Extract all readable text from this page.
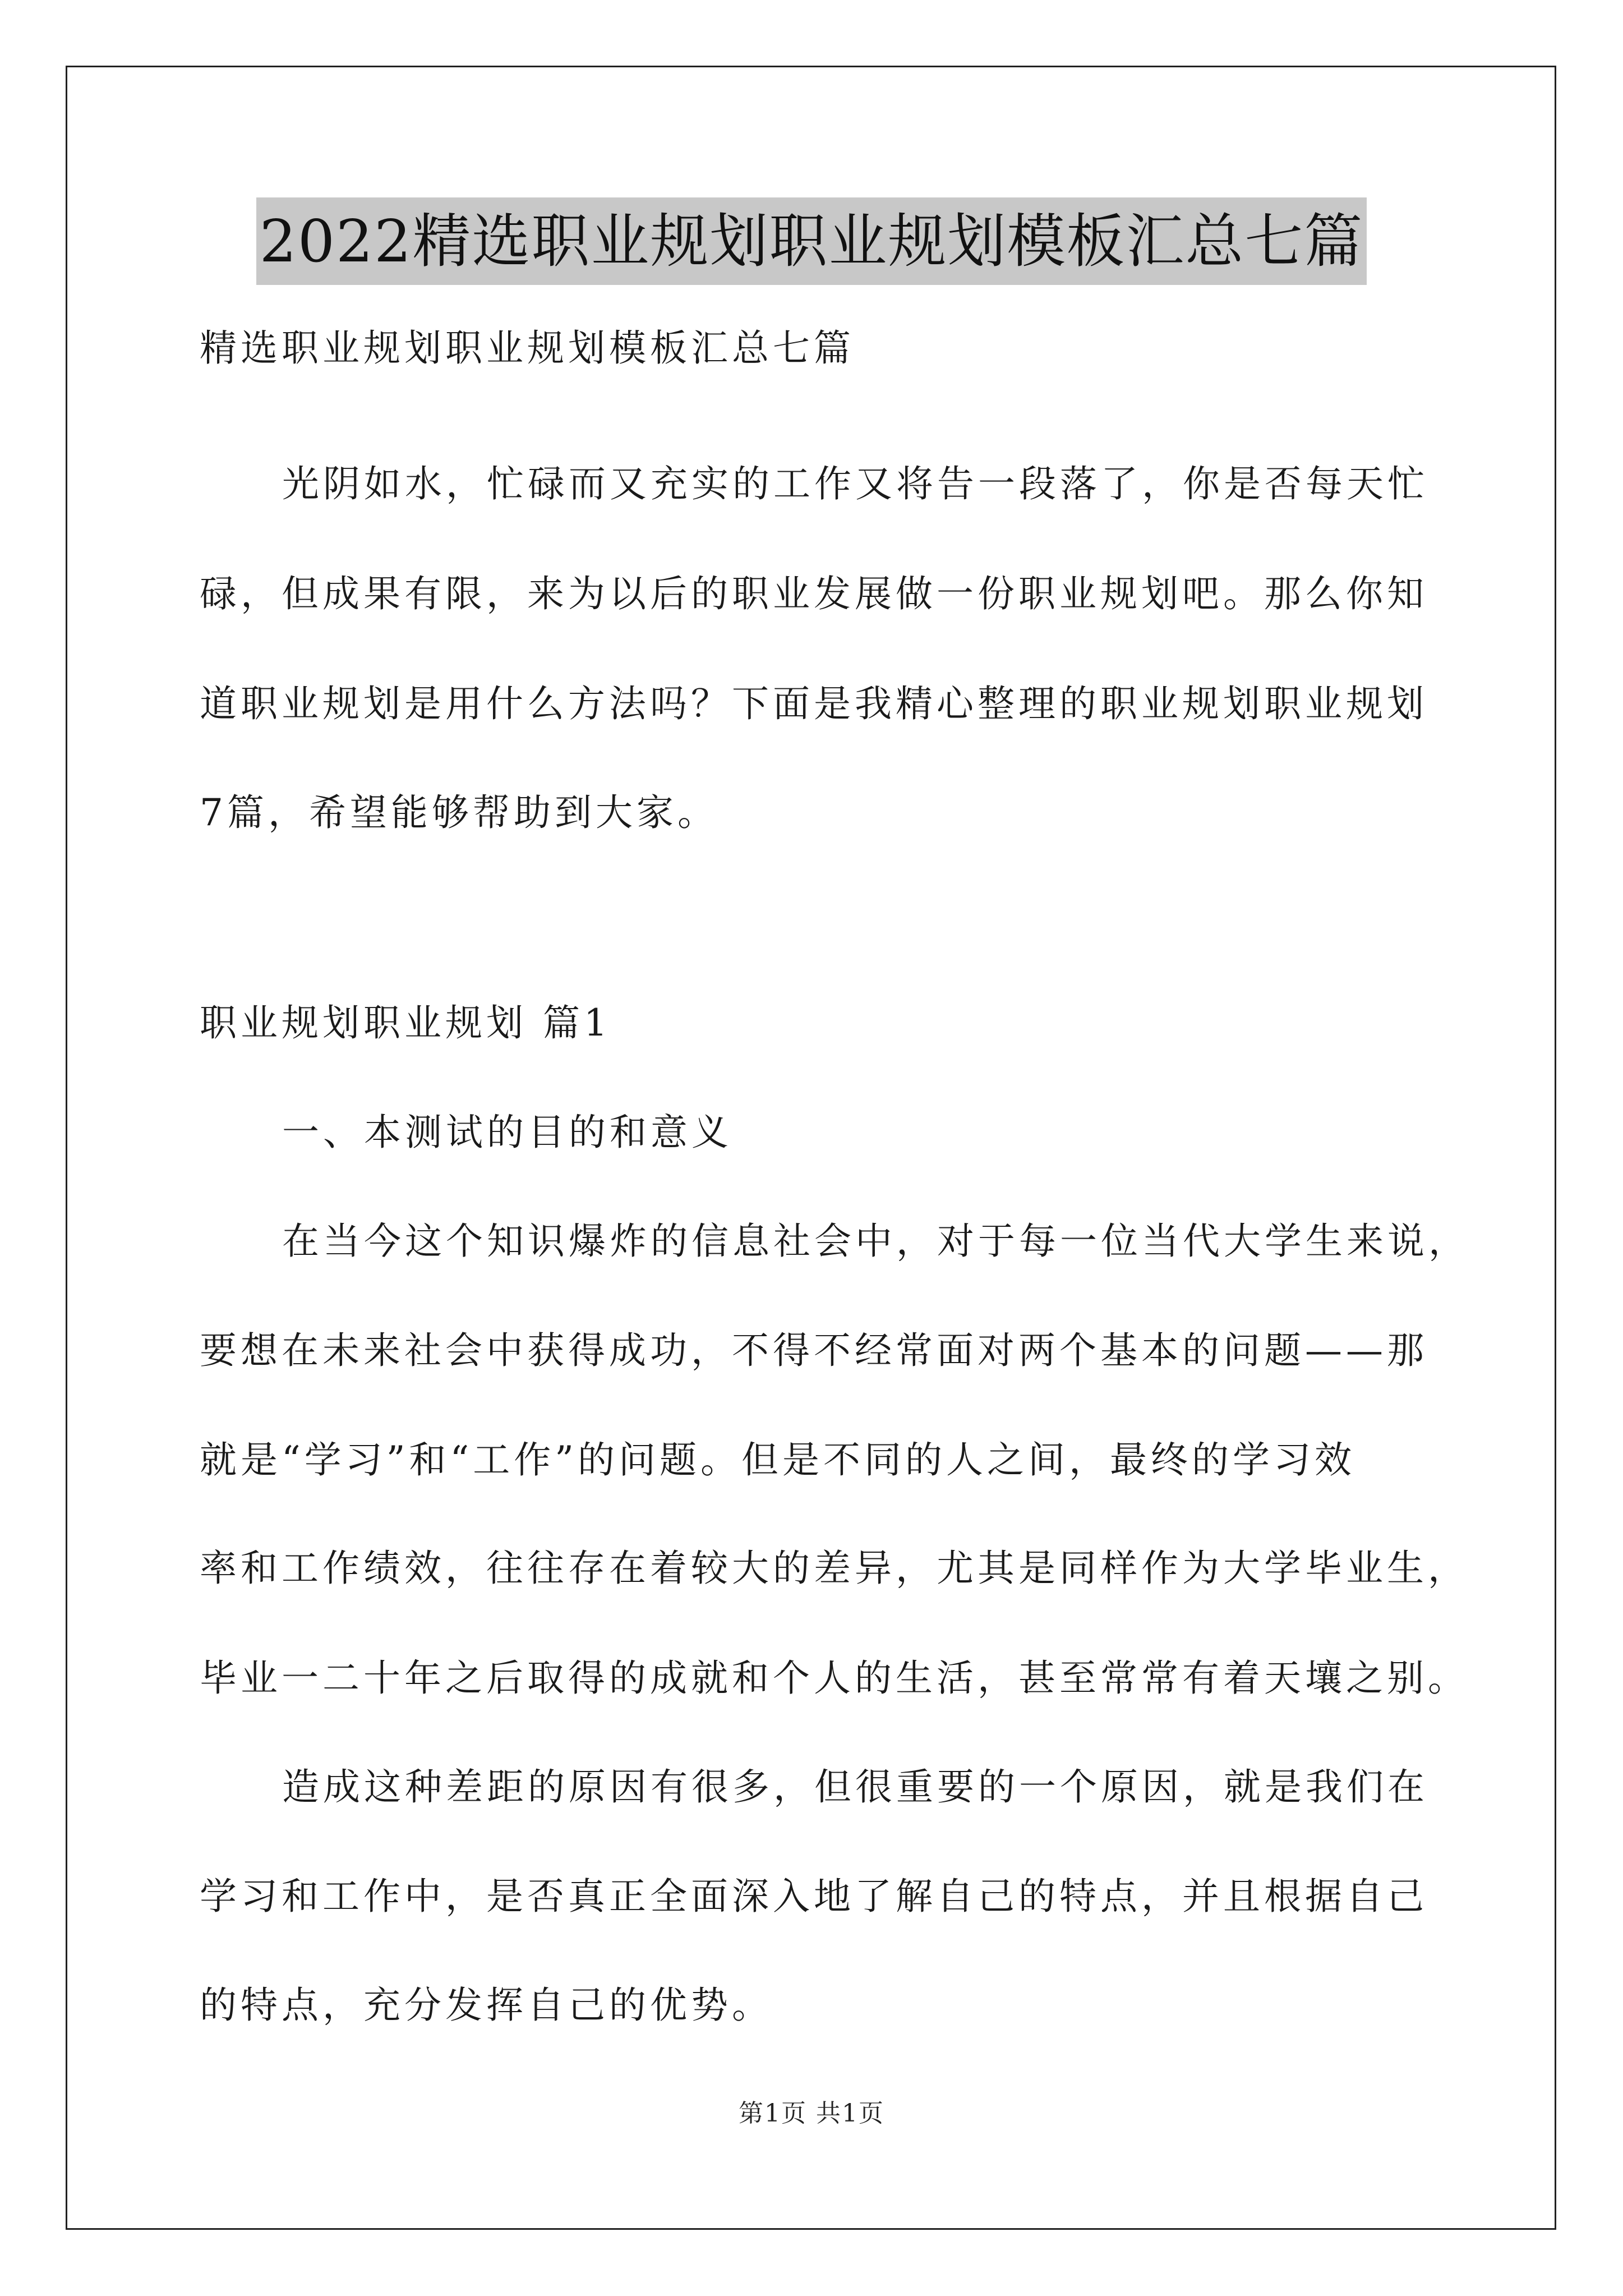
2022精选职业规划职业规划模板汇总七篇
精选职业规划职业规划模板汇总七篇
光阴如水，忙碌而又充实的工作又将告一段落了，你是否每天忙
碌，但成果有限，来为以后的职业发展做一份职业规划吧。那么你知
道职业规划是用什么方法吗？下面是我精心整理的职业规划职业规划
7篇，希望能够帮助到大家。
职业规划职业规划 篇1
一、本测试的目的和意义
在当今这个知识爆炸的信息社会中，对于每一位当代大学生来说，
要想在未来社会中获得成功，不得不经常面对两个基本的问题——那
就是“学习”和“工作”的问题。但是不同的人之间，最终的学习效
率和工作绩效，往往存在着较大的差异，尤其是同样作为大学毕业生，
毕业一二十年之后取得的成就和个人的生活，甚至常常有着天壤之别。
造成这种差距的原因有很多，但很重要的一个原因，就是我们在
学习和工作中，是否真正全面深入地了解自己的特点，并且根据自己
的特点，充分发挥自己的优势。
第1页 共1页
